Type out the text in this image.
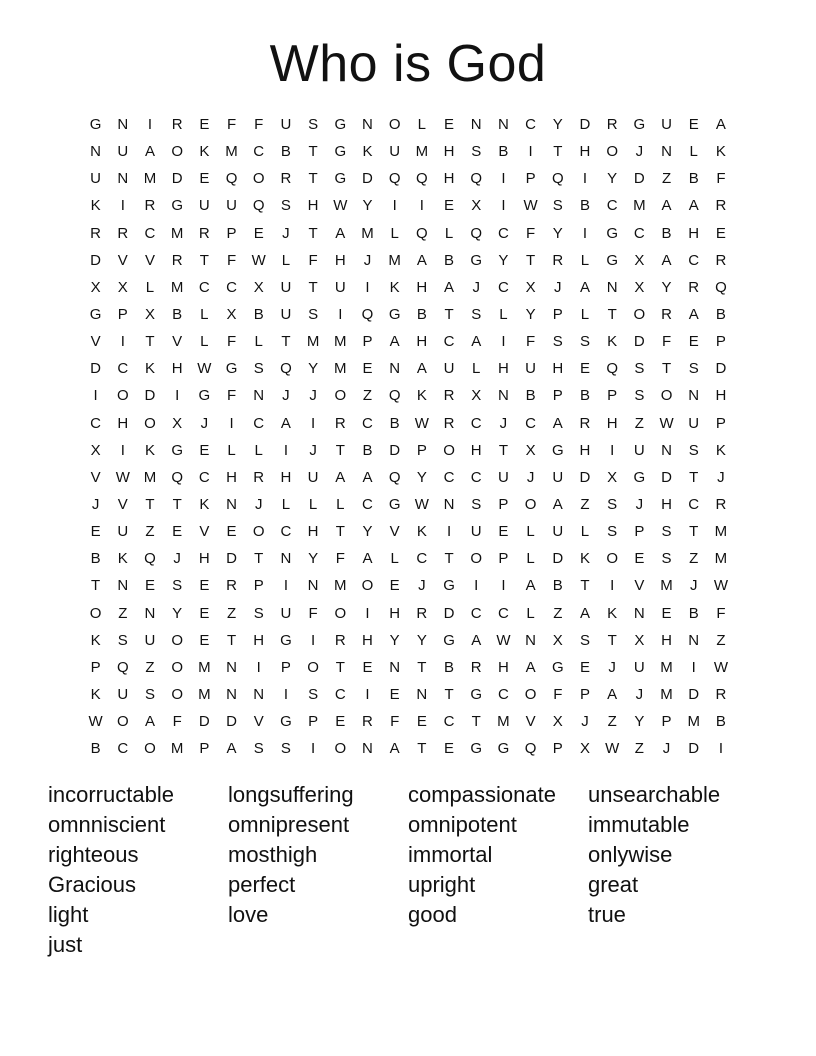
Who is God
G	N	I	R	E	F	F	U	S	G	N	O	L	E	N	N	C	Y	D	R	G	U	E	A
N	U	A	O	K	M	C	B	T	G	K	U	M	H	S	B	I	T	H	O	J	N	L	K
U	N	M	D	E	Q	O	R	T	G	D	Q	Q	H	Q	I	P	Q	I	Y	D	Z	B	F
K	I	R	G	U	U	Q	S	H W	Y	I	I	E	X	I	W	S	B	C	M	A	A	R
R	R	C	M	R	P	E	J	T	A	M	L	Q	L	Q	C	F	Y	I	G	C	B	H	E
D	V	V	R	T	F	W	L	F	H	J	M	A	B	G	Y	T	R	L	G	X	A	C	R
X	X	L	M	C	C	X	U	T	U	I	K	H	A	J	C	X	J	A	N	X	Y	R	Q
G	P	X	B	L	X	B	U	S	I	Q	G	B	T	S	L	Y	P	L	T	O	R	A	B
V	I	T	V	L	F	L	T	M M	P	A	H	C	A	I	F	S	S	K	D	F	E	P
D	C	K	H W G	S	Q	Y	M	E	N	A	U	L	H	U	H	E	Q	S	T	S	D
I	O	D	I	G	F	N	J	J	O	Z	Q	K	R	X	N	B	P	B	P	S	O	N	H
C	H	O	X	J	I	C	A	I	R	C	B	W R	C	J	C	A	R	H	Z	W U	P
X	I	K	G	E	L	L	I	J	T	B	D	P	O	H	T	X	G	H	I	U	N	S	K
V	W M	Q	C	H	R	H	U	A	A	Q	Y	C	C	U	J	U	D	X	G	D	T	J
J	V	T	T	K	N	J	L	L	L	C	G W N	S	P	O	A	Z	S	J	H	C	R
E	U	Z	E	V	E	O	C	H	T	Y	V	K	I	U	E	L	U	L	S	P	S	T	M
B	K	Q	J	H	D	T	N	Y	F	A	L	C	T	O	P	L	D	K	O	E	S	Z	M
T	N	E	S	E	R	P	I	N	M	O	E	J	G	I	I	A	B	T	I	V	M	J	W
O	Z	N	Y	E	Z	S	U	F	O	I	H	R	D	C	C	L	Z	A	K	N	E	B	F
K	S	U	O	E	T	H	G	I	R	H	Y	Y	G	A	W N	X	S	T	X	H	N	Z
P	Q	Z	O	M	N	I	P	O	T	E	N	T	B	R	H	A	G	E	J	U	M	I	W
K	U	S	O	M	N	N	I	S	C	I	E	N	T	G	C	O	F	P	A	J	M	D	R
W O	A	F	D	D	V	G	P	E	R	F	E	C	T	M	V	X	J	Z	Y	P	M	B
B	C	O	M	P	A	S	S	I	O	N	A	T	E	G	G	Q	P	X	W	Z	J	D	I
incorructable	longsuffering	compassionate	unsearchable
omnniscient	omnipresent	omnipotent	immutable
righteous	mosthigh	immortal	onlywise
Gracious	perfect	upright	great
light	love	good	true
just
